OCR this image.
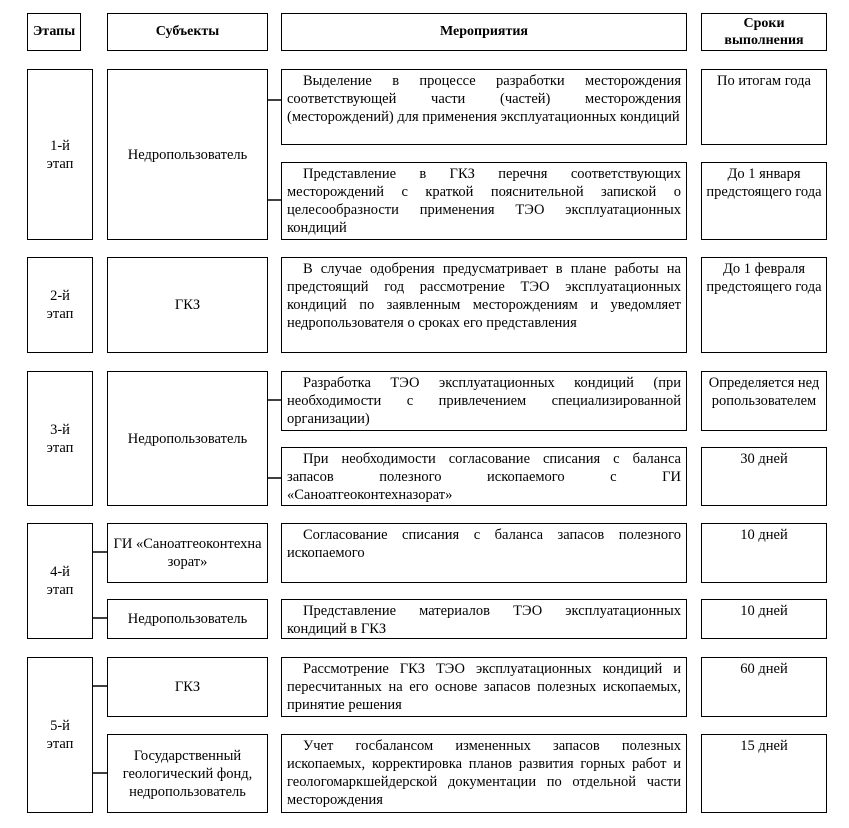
Этапы	Субъекты	Мероприятия
Сроки выполнения
1-й этап
Недропользователь
Выделение в процессе разработки месторождения соответствующей части (частей) месторождения (месторождений) для применения эксплуатационных кондиций
По итогам года
Представление в ГКЗ перечня соответствующих месторождений с краткой пояснительной запиской о целесообразности применения ТЭО эксплуатационных кондиций
До 1 января предстоящего года
2-й этап
ГКЗ
В случае одобрения предусматривает в плане работы на предстоящий год рассмотрение ТЭО эксплуатационных кондиций по заявленным месторождениям и уведомляет недропользователя о сроках его представления
До 1 февраля предстоящего года
3-й этап
Недропользователь
Разработка ТЭО эксплуатационных кондиций (при необходимости с привлечением специализированной организации)
Определяется недропользователем
При необходимости согласование списания с баланса запасов полезного ископаемого с ГИ «Саноатгеоконтехназорат»
30 дней
4-й этап
ГИ «Саноатгеоконтехназорат»
Недропользователь
Согласование списания с баланса запасов полезного ископаемого
10 дней
Представление материалов ТЭО эксплуатационных кондиций в ГКЗ
10 дней
5-й этап
ГКЗ
Государственный геологический фонд, недропользователь
Рассмотрение ГКЗ ТЭО эксплуатационных кондиций и пересчитанных на его основе запасов полезных ископаемых, принятие решения
60 дней
Учет госбалансом измененных запасов полезных ископаемых, корректировка планов развития горных работ и геологомаркшейдерской документации по отдельной части месторождения
15 дней
